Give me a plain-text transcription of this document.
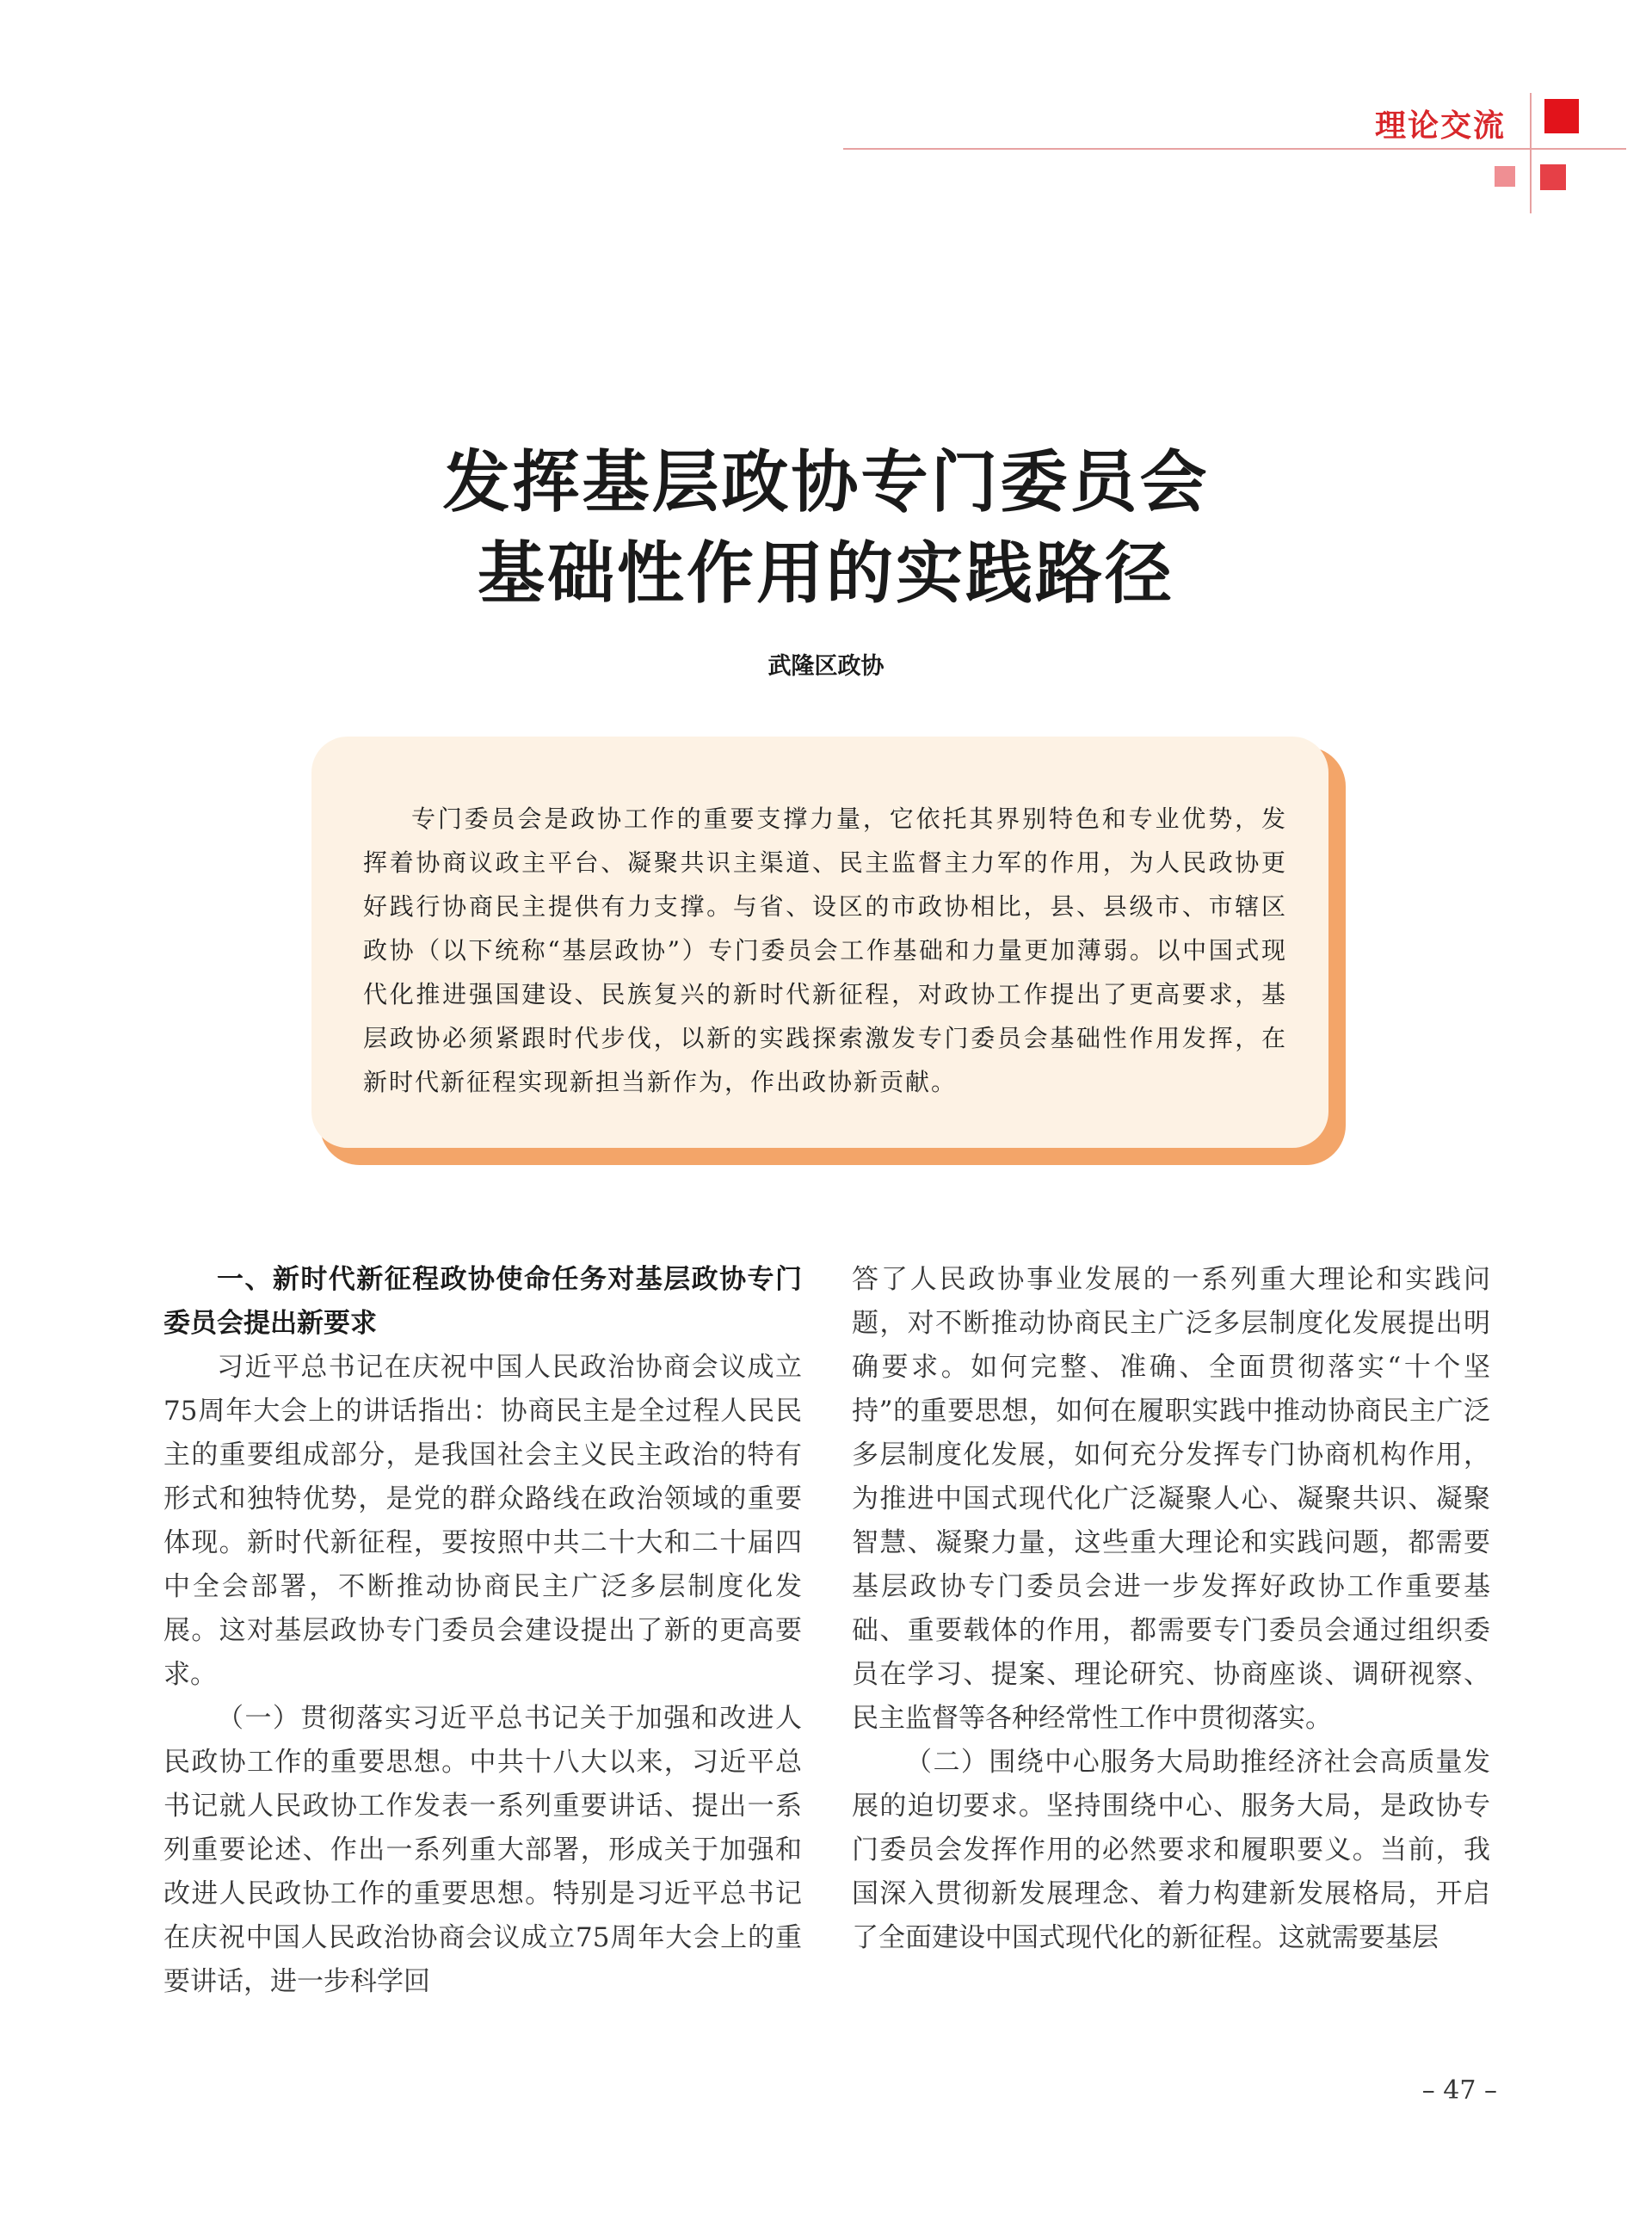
理论交流
发挥基层政协专门委员会
基础性作用的实践路径
武隆区政协

专门委员会是政协工作的重要支撑力量，它依托其界别特色和专业优势，发挥着协商议政主平台、凝聚共识主渠道、民主监督主力军的作用，为人民政协更好践行协商民主提供有力支撑。与省、设区的市政协相比，县、县级市、市辖区政协（以下统称“基层政协”）专门委员会工作基础和力量更加薄弱。以中国式现代化推进强国建设、民族复兴的新时代新征程，对政协工作提出了更高要求，基层政协必须紧跟时代步伐，以新的实践探索激发专门委员会基础性作用发挥，在新时代新征程实现新担当新作为，作出政协新贡献。

一、新时代新征程政协使命任务对基层政协专门委员会提出新要求

习近平总书记在庆祝中国人民政治协商会议成立75周年大会上的讲话指出：协商民主是全过程人民民主的重要组成部分，是我国社会主义民主政治的特有形式和独特优势，是党的群众路线在政治领域的重要体现。新时代新征程，要按照中共二十大和二十届四中全会部署，不断推动协商民主广泛多层制度化发展。这对基层政协专门委员会建设提出了新的更高要求。

（一）贯彻落实习近平总书记关于加强和改进人民政协工作的重要思想。中共十八大以来，习近平总书记就人民政协工作发表一系列重要讲话、提出一系列重要论述、作出一系列重大部署，形成关于加强和改进人民政协工作的重要思想。特别是习近平总书记在庆祝中国人民政治协商会议成立75周年大会上的重要讲话，进一步科学回

答了人民政协事业发展的一系列重大理论和实践问题，对不断推动协商民主广泛多层制度化发展提出明确要求。如何完整、准确、全面贯彻落实“十个坚持”的重要思想，如何在履职实践中推动协商民主广泛多层制度化发展，如何充分发挥专门协商机构作用，为推进中国式现代化广泛凝聚人心、凝聚共识、凝聚智慧、凝聚力量，这些重大理论和实践问题，都需要基层政协专门委员会进一步发挥好政协工作重要基础、重要载体的作用，都需要专门委员会通过组织委员在学习、提案、理论研究、协商座谈、调研视察、民主监督等各种经常性工作中贯彻落实。

（二）围绕中心服务大局助推经济社会高质量发展的迫切要求。坚持围绕中心、服务大局，是政协专门委员会发挥作用的必然要求和履职要义。当前，我国深入贯彻新发展理念、着力构建新发展格局，开启了全面建设中国式现代化的新征程。这就需要基层

– 47 –
